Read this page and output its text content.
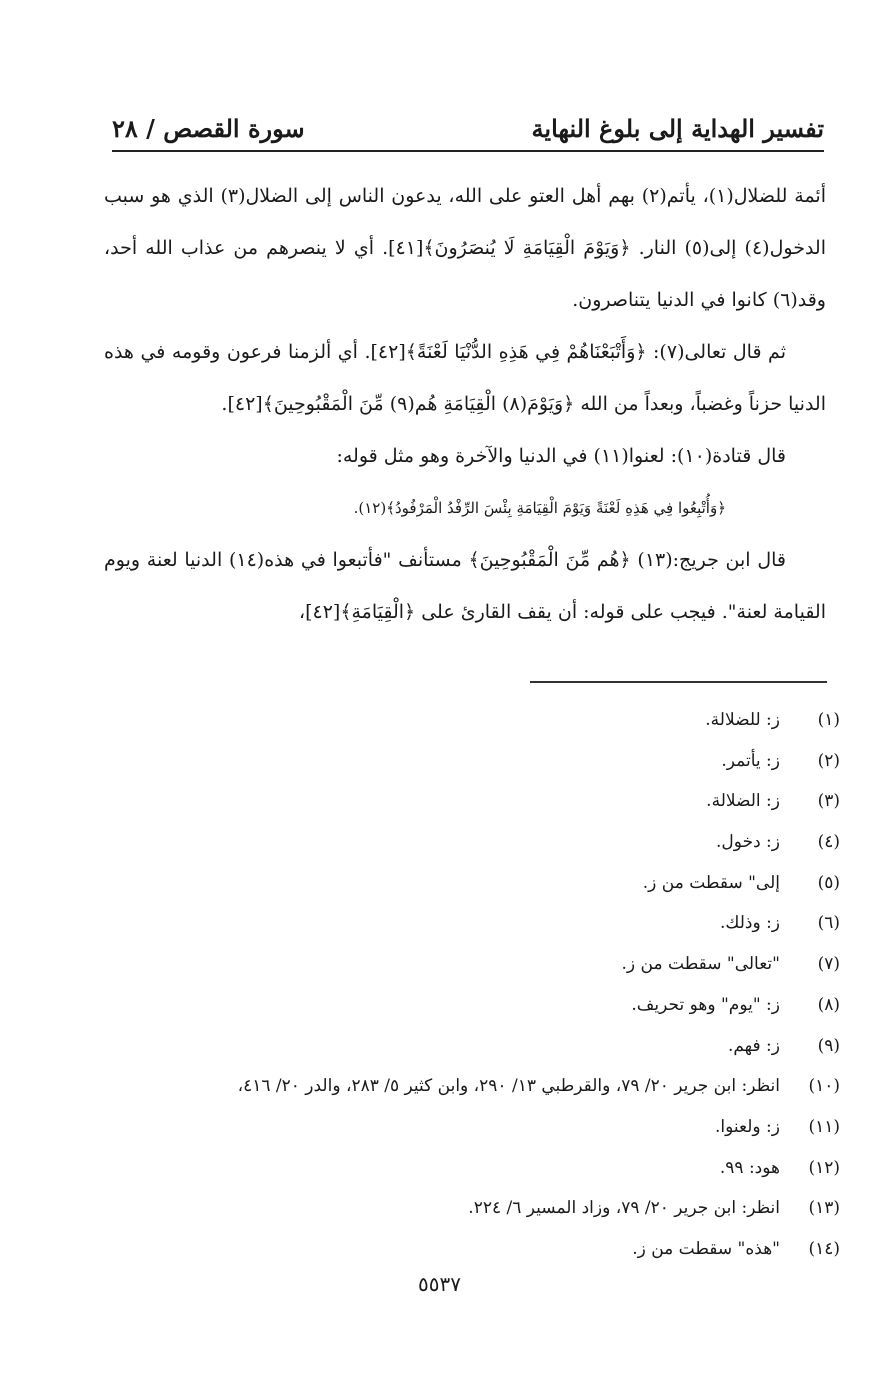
تفسير الهداية إلى بلوغ النهاية
سورة القصص / ٢٨

أئمة للضلال(١)، يأتم(٢) بهم أهل العتو على الله، يدعون الناس إلى الضلال(٣) الذي هو سبب الدخول(٤) إلى(٥) النار. ﴿وَيَوْمَ الْقِيَامَةِ لَا يُنصَرُونَ﴾[٤١]. أي لا ينصرهم من عذاب الله أحد، وقد(٦) كانوا في الدنيا يتناصرون.

ثم قال تعالى(٧): ﴿وَأَتْبَعْنَاهُمْ فِي هَذِهِ الدُّنْيَا لَعْنَةً﴾[٤٢]. أي ألزمنا فرعون وقومه في هذه الدنيا حزناً وغضباً، وبعداً من الله ﴿وَيَوْمَ(٨) الْقِيَامَةِ هُم(٩) مِّنَ الْمَقْبُوحِينَ﴾[٤٢].

قال قتادة(١٠): لعنوا(١١) في الدنيا والآخرة وهو مثل قوله:

﴿وَأُتْبِعُوا فِي هَذِهِ لَعْنَةً وَيَوْمَ الْقِيَامَةِ بِئْسَ الرِّفْدُ الْمَرْفُودُ﴾(١٢).

قال ابن جريج:(١٣) ﴿هُم مِّنَ الْمَقْبُوحِينَ﴾ مستأنف "فأتبعوا في هذه(١٤) الدنيا لعنة ويوم القيامة لعنة". فيجب على قوله: أن يقف القارئ على ﴿الْقِيَامَةِ﴾[٤٢]،

(١)ز: للضلالة.
(٢)ز: يأتمر.
(٣)ز: الضلالة.
(٤)ز: دخول.
(٥)إلى" سقطت من ز.
(٦)ز: وذلك.
(٧)"تعالى" سقطت من ز.
(٨)ز: "يوم" وهو تحريف.
(٩)ز: فهم.
(١٠)انظر: ابن جرير ٢٠/ ٧٩، والقرطبي ١٣/ ٢٩٠، وابن كثير ٥/ ٢٨٣، والدر ٢٠/ ٤١٦،
(١١)ز: ولعنوا.
(١٢)هود: ٩٩.
(١٣)انظر: ابن جرير ٢٠/ ٧٩، وزاد المسير ٦/ ٢٢٤.
(١٤)"هذه" سقطت من ز.
٥٥٣٧
